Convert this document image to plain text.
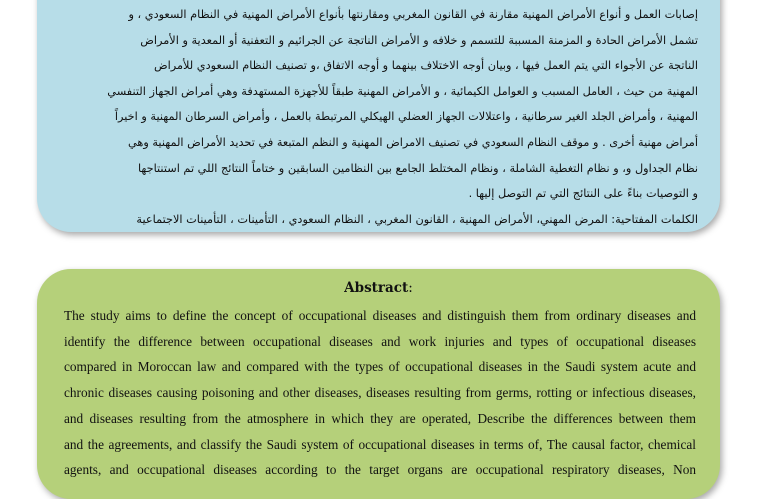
إصابات العمل و أنواع الأمراض المهنية مقارنة في القانون المغربي ومقارنتها بأنواع الأمراض المهنية في النظام السعودي ، و
تشمل الأمراض الحادة و المزمنة المسببة للتسمم و خلافه و الأمراض الناتجة عن الجرائيم و التعفنية أو المعدية و الأمراض
الناتجة عن الأجواء التي يتم العمل فيها ، وبيان أوجه الاختلاف بينهما و أوجه الاتفاق ،و تصنيف النظام السعودي للأمراض
المهنية من حيث ، العامل المسبب و العوامل الكيمائية ، و الأمراض المهنية طبقاً للأجهزة المستهدفة وهي أمراض الجهاز التنفسي
المهنية ، وأمراض الجلد الغير سرطانية ، واعتلالات الجهاز العضلي الهيكلي المرتبطة بالعمل ، وأمراض السرطان المهنية و اخيراً
أمراض مهنية أخرى . و موقف النظام السعودي في تصنيف الامراض المهنية و النظم المتبعة في تحديد الأمراض المهنية وهي
نظام الجداول و، و نظام التغطية الشاملة ، ونظام المختلط الجامع بين النظامين السابقين و ختاماً النتائج اللي تم استنتاجها
و التوصيات بناءً على النتائج التي تم التوصل إليها .
الكلمات المفتاحية: المرض المهني، الأمراض المهنية ، القانون المغربي ، النظام السعودي ، التأمينات ، التأمينات الاجتماعية
Abstract:
The study aims to define the concept of occupational diseases and distinguish them from ordinary diseases and
identify the difference between occupational diseases and work injuries and types of occupational diseases
compared in Moroccan law and compared with the types of occupational diseases in the Saudi system acute and
chronic diseases causing poisoning and other diseases, diseases resulting from germs, rotting or infectious diseases,
and diseases resulting from the atmosphere in which they are operated, Describe the differences between them
and the agreements, and classify the Saudi system of occupational diseases in terms of, The causal factor, chemical
agents, and occupational diseases according to the target organs are occupational respiratory diseases, Non
